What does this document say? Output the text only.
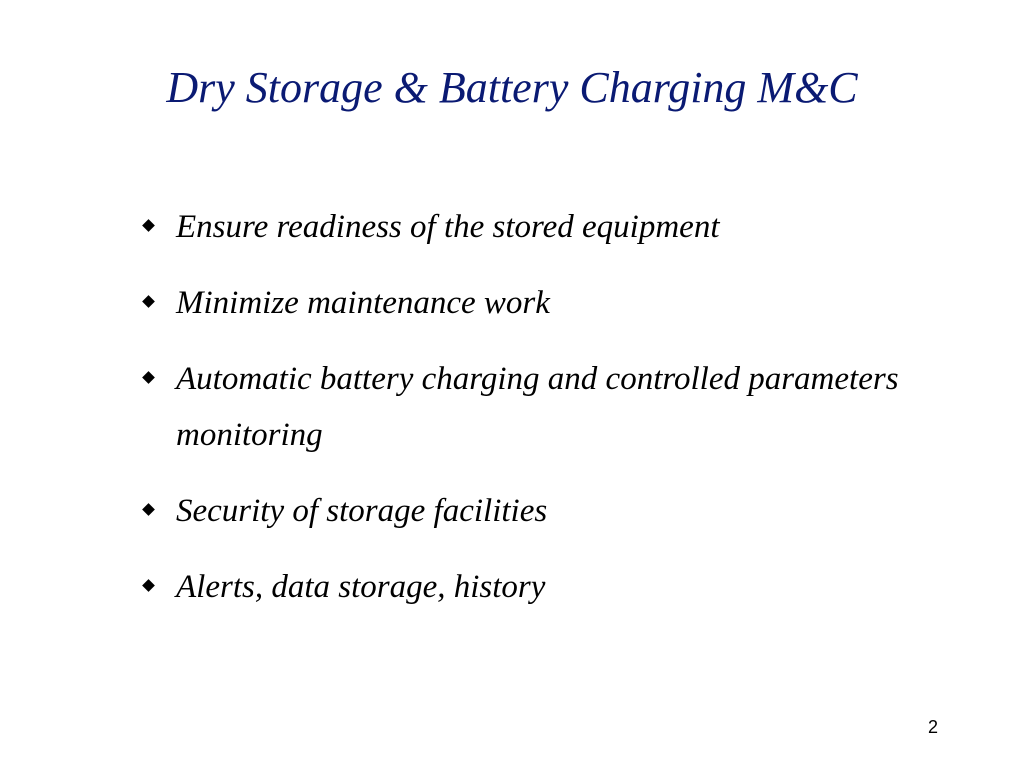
Dry Storage & Battery Charging M&C
Ensure readiness of the stored equipment
Minimize maintenance work
Automatic battery charging and controlled parameters monitoring
Security of storage facilities
Alerts, data storage, history
2
